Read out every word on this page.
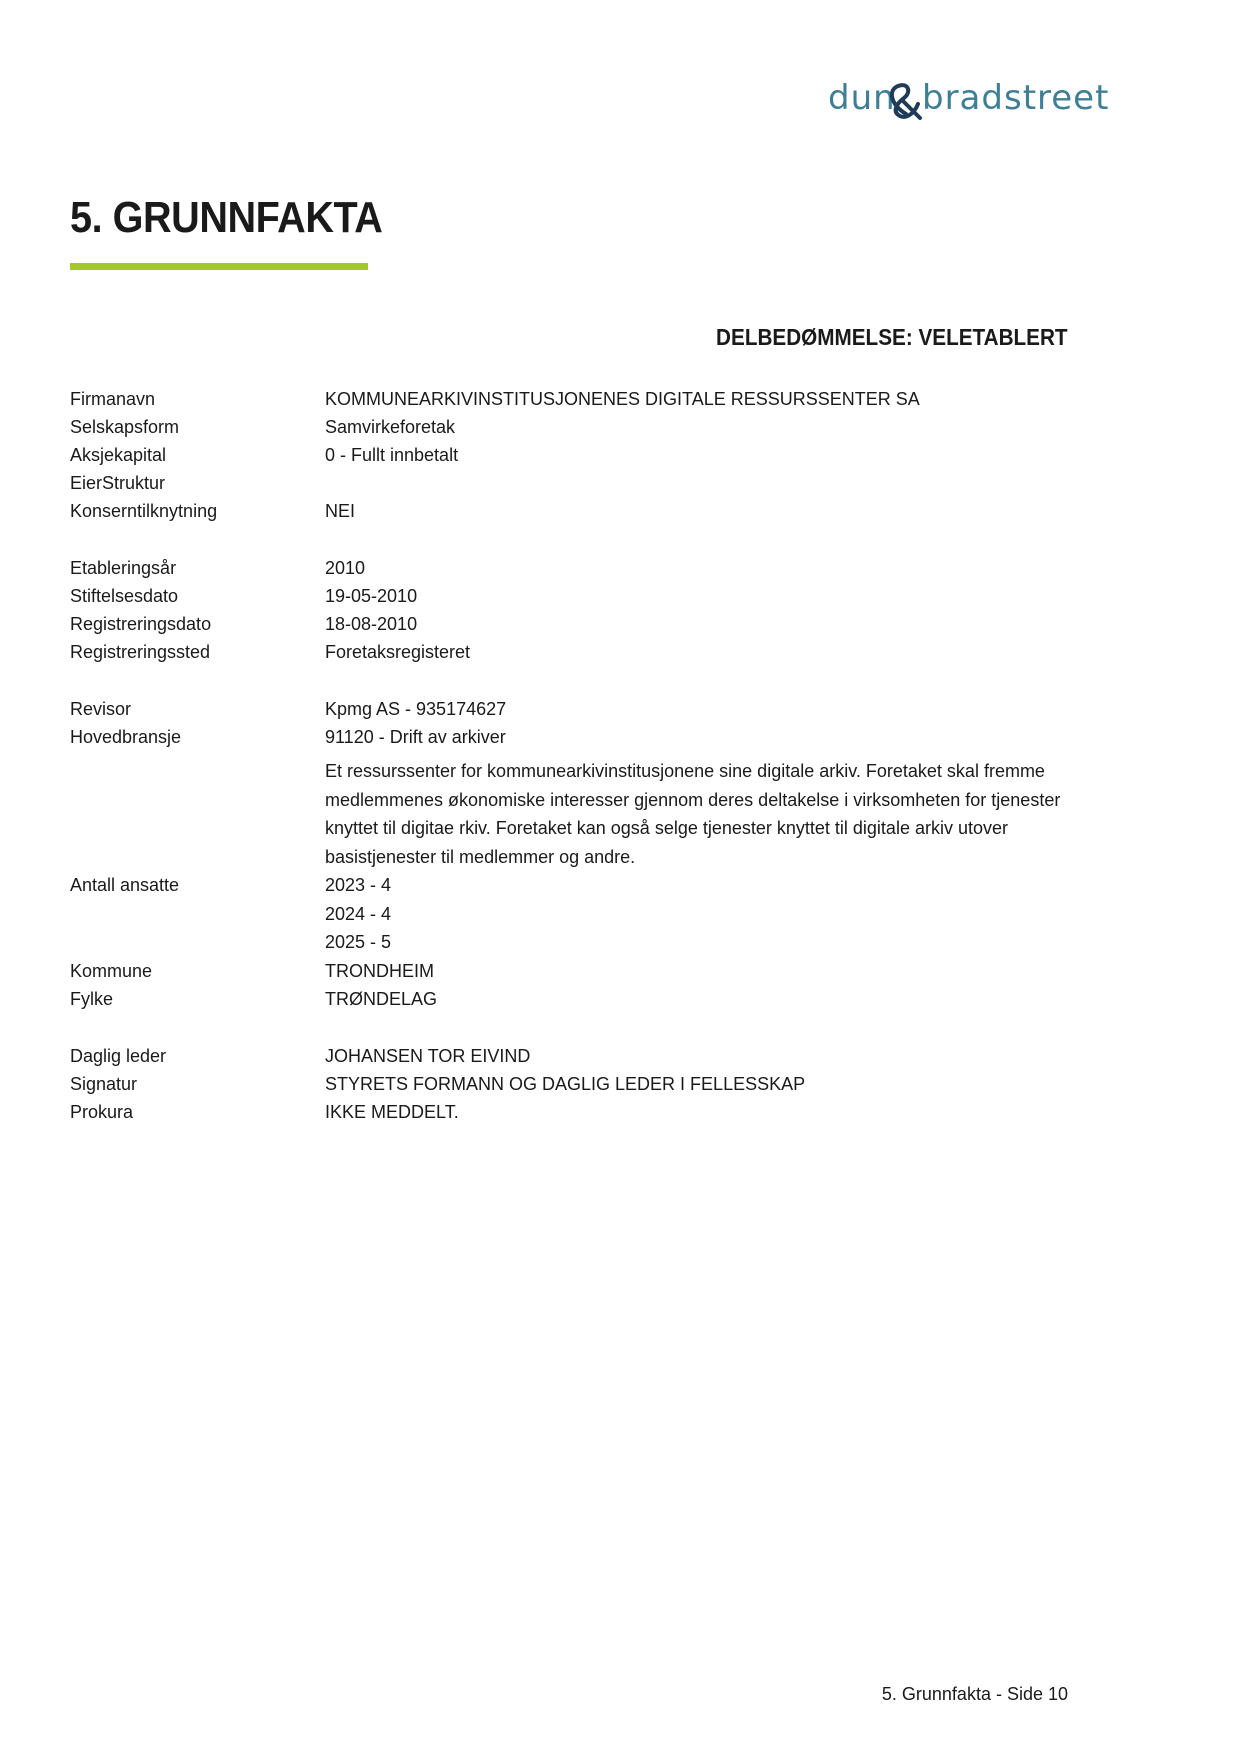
dun bradstreet
5. GRUNNFAKTA
DELBEDØMMELSE: VELETABLERT
Firmanavn	KOMMUNEARKIVINSTITUSJONENES DIGITALE RESSURSSENTER SA
Selskapsform	Samvirkeforetak
Aksjekapital	0 - Fullt innbetalt
EierStruktur
Konserntilknytning	NEI
Etableringsår	2010
Stiftelsesdato	19-05-2010
Registreringsdato	18-08-2010
Registreringssted	Foretaksregisteret
Revisor	Kpmg AS - 935174627
Hovedbransje	91120 - Drift av arkiver
Et ressurssenter for kommunearkivinstitusjonene sine digitale arkiv. Foretaket skal fremme medlemmenes økonomiske interesser gjennom deres deltakelse i virksomheten for tjenester knyttet til digitae rkiv. Foretaket kan også selge tjenester knyttet til digitale arkiv utover basistjenester til medlemmer og andre.
Antall ansatte	2023 - 4
2024 - 4
2025 - 5
Kommune	TRONDHEIM
Fylke	TRØNDELAG
Daglig leder	JOHANSEN TOR EIVIND
Signatur	STYRETS FORMANN OG DAGLIG LEDER I FELLESSKAP
Prokura	IKKE MEDDELT.
5. Grunnfakta - Side 10
